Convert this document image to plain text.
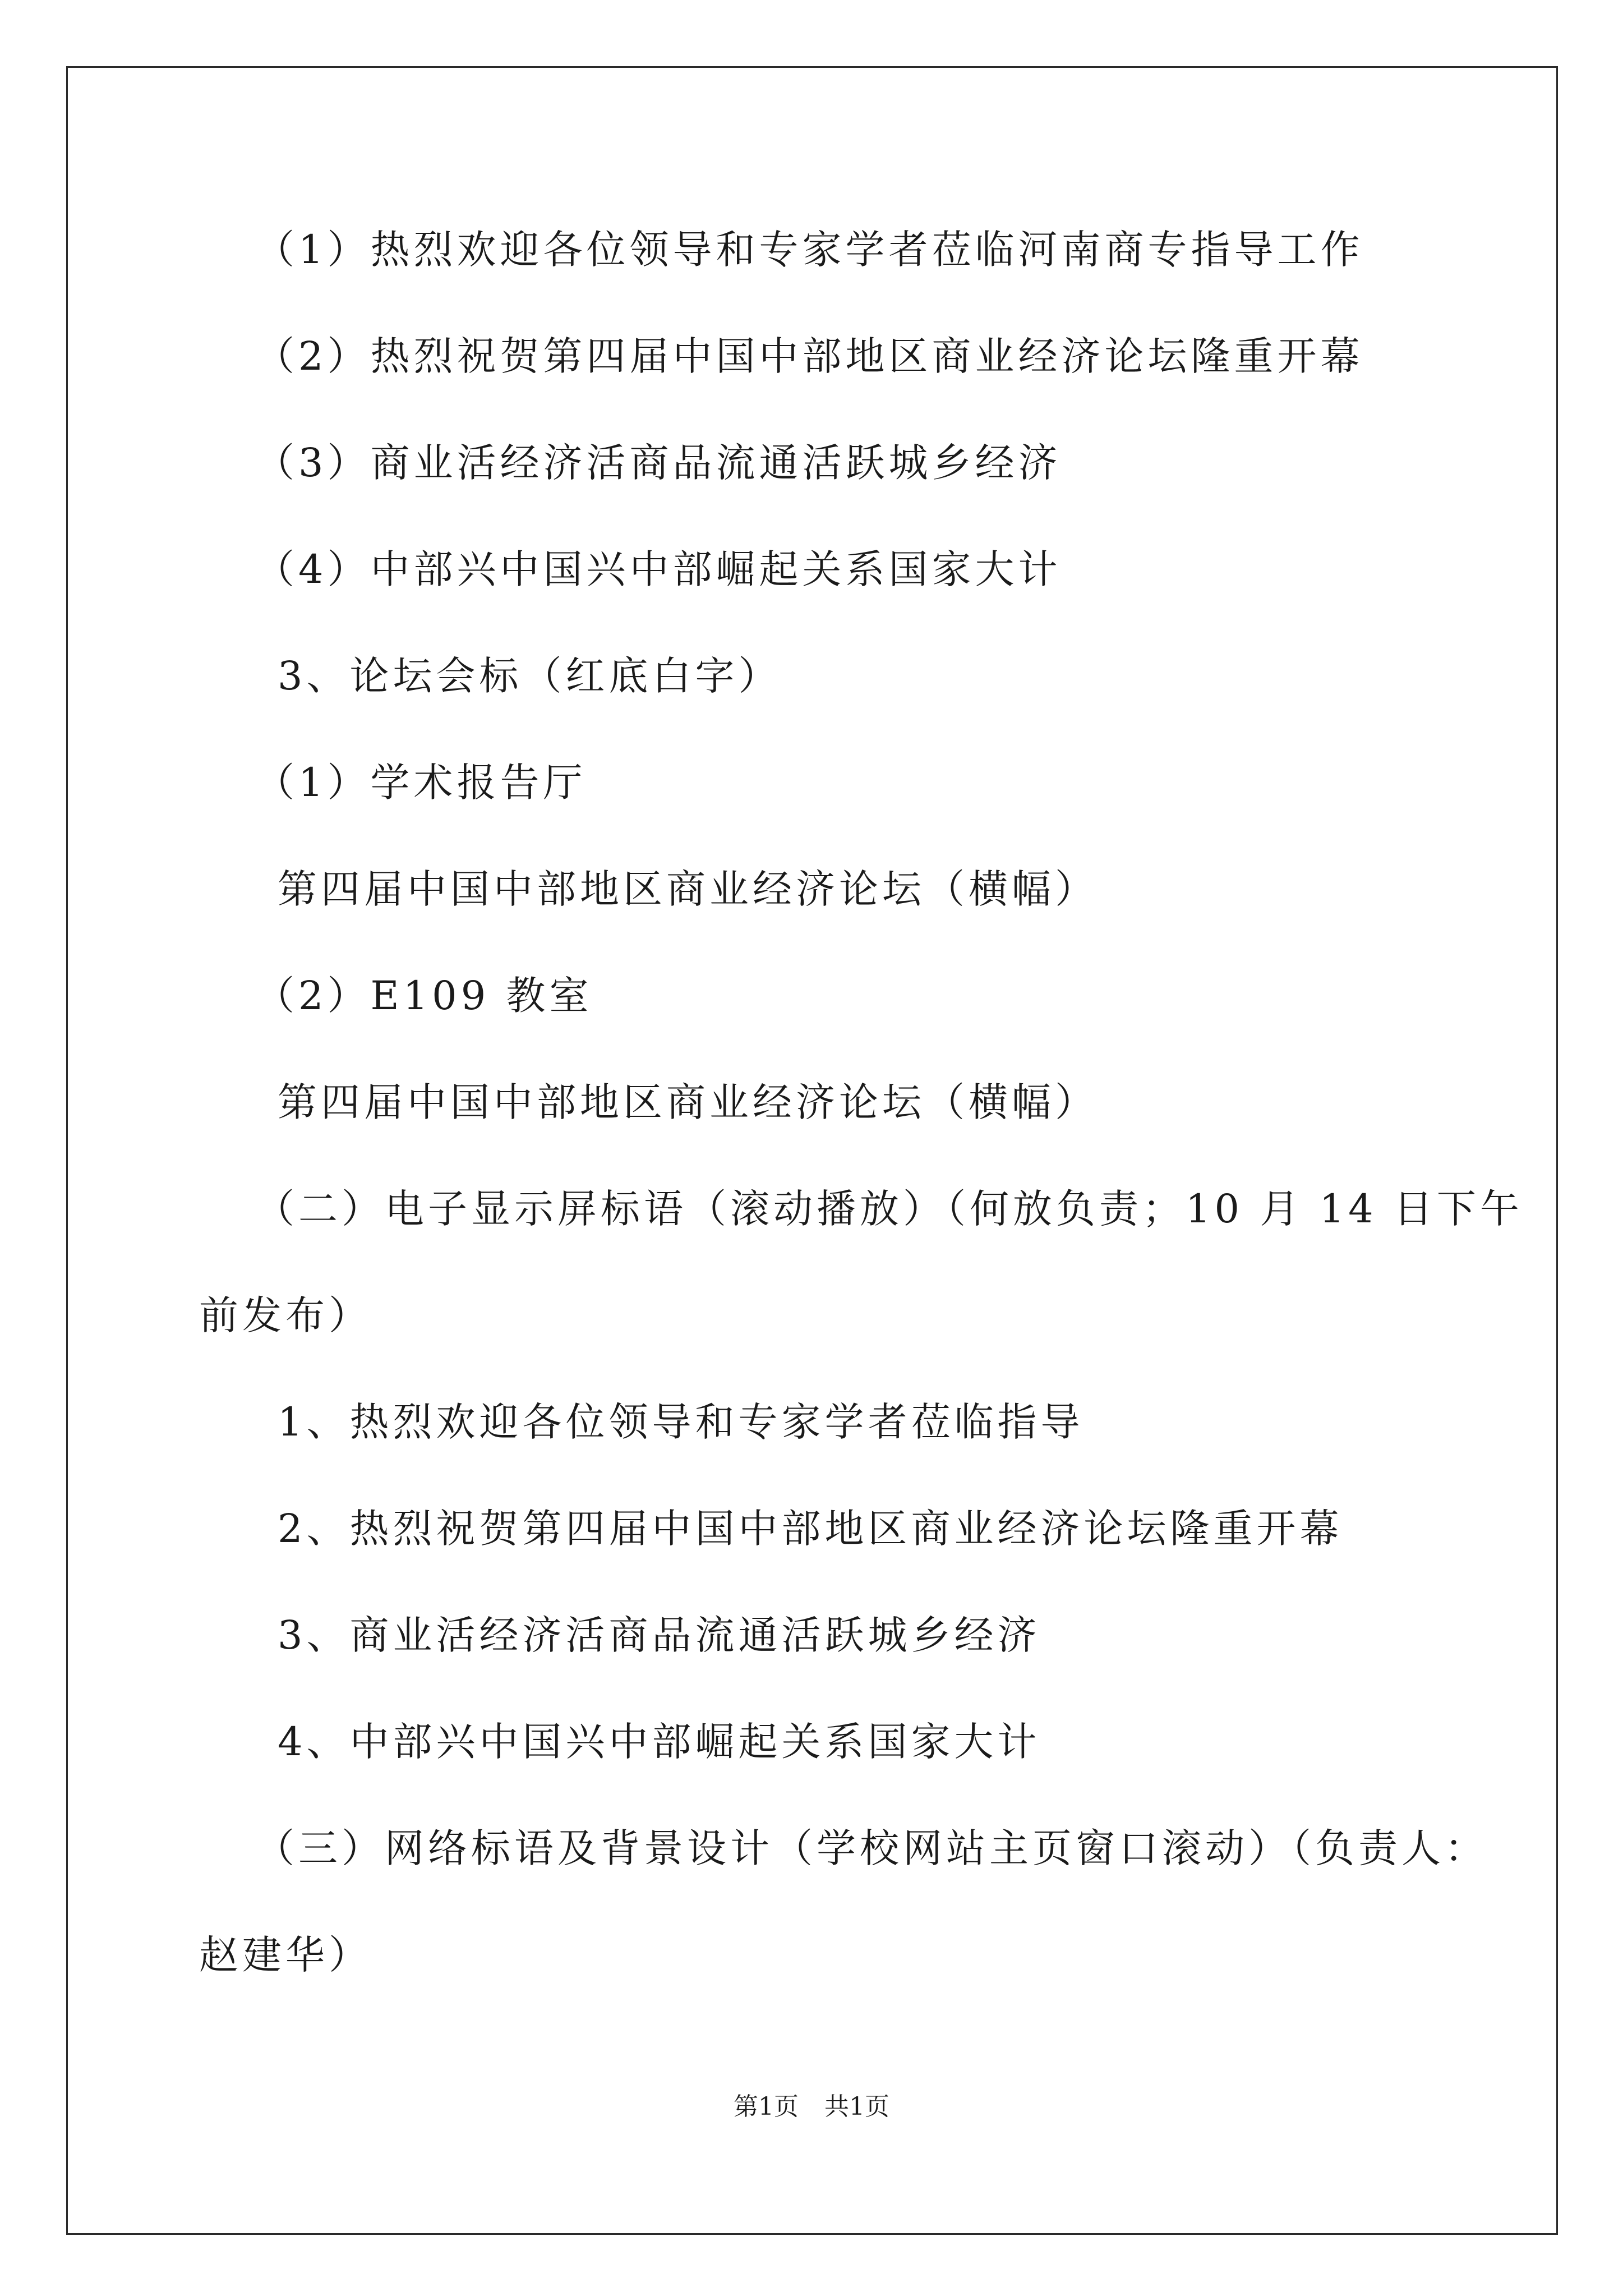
（1）热烈欢迎各位领导和专家学者莅临河南商专指导工作
（2）热烈祝贺第四届中国中部地区商业经济论坛隆重开幕
（3）商业活经济活商品流通活跃城乡经济
（4）中部兴中国兴中部崛起关系国家大计
3、论坛会标（红底白字）
（1）学术报告厅
第四届中国中部地区商业经济论坛（横幅）
（2）E109 教室
第四届中国中部地区商业经济论坛（横幅）
（二）电子显示屏标语（滚动播放）（何放负责；10 月 14 日下午
前发布）
1、热烈欢迎各位领导和专家学者莅临指导
2、热烈祝贺第四届中国中部地区商业经济论坛隆重开幕
3、商业活经济活商品流通活跃城乡经济
4、中部兴中国兴中部崛起关系国家大计
（三）网络标语及背景设计（学校网站主页窗口滚动）（负责人：
赵建华）
第1页 共1页
